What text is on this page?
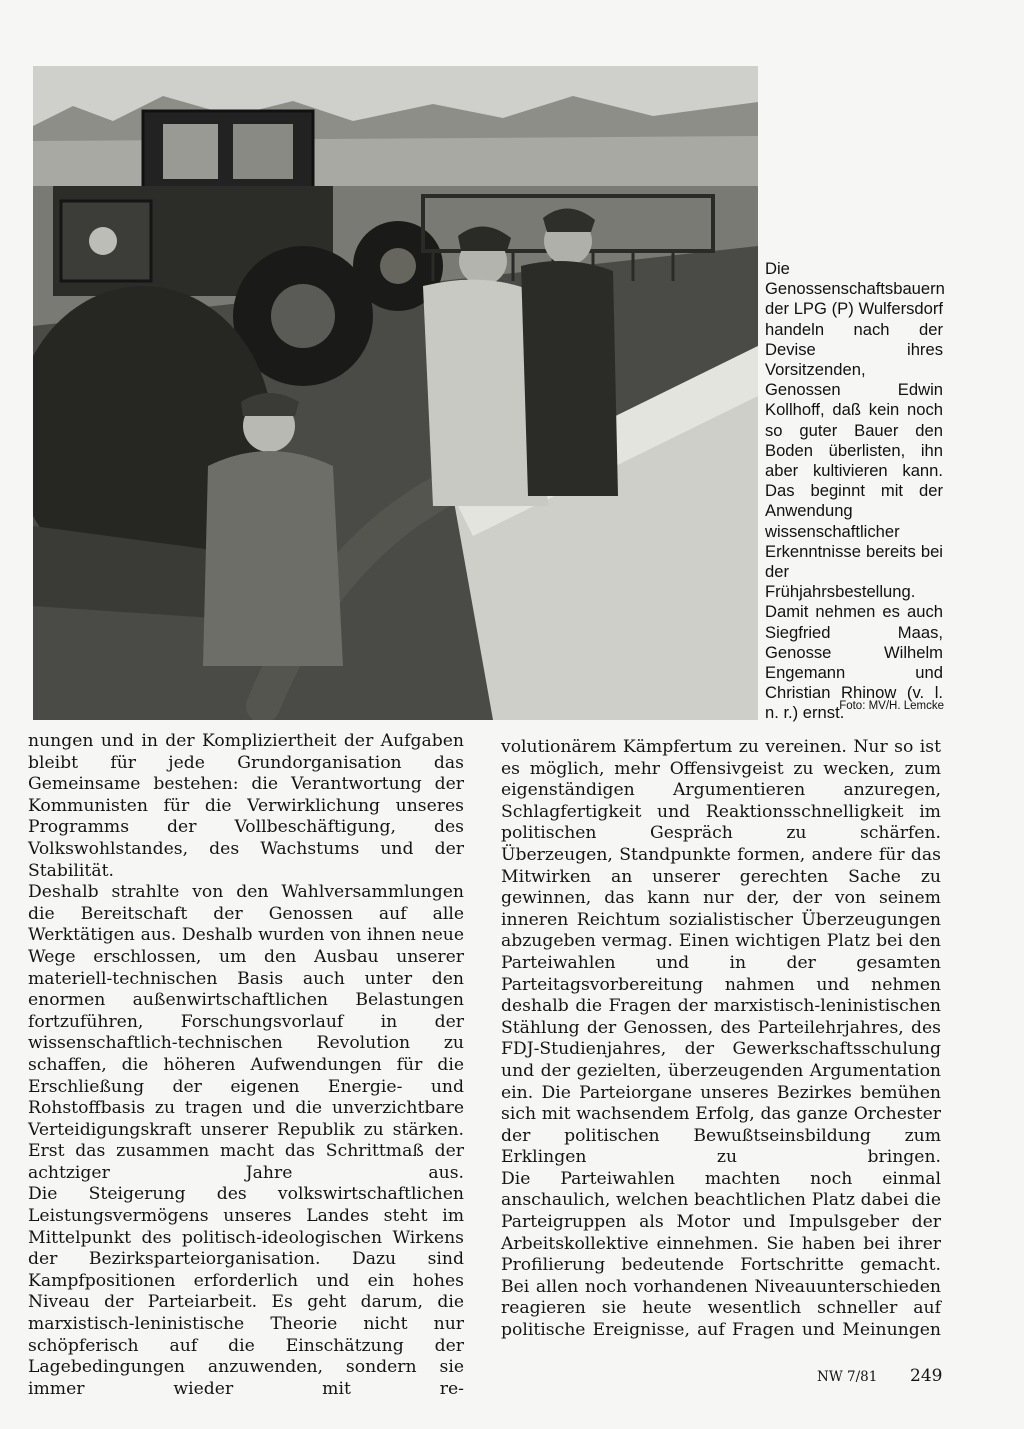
Die Genossenschaftsbauern der LPG (P) Wulfersdorf handeln nach der Devise ihres Vorsitzenden, Genossen Edwin Kollhoff, daß kein noch so guter Bauer den Boden überlisten, ihn aber kultivieren kann. Das beginnt mit der Anwendung wissenschaftlicher Erkenntnisse bereits bei der Frühjahrsbestellung. Damit nehmen es auch Siegfried Maas, Genosse Wilhelm Engemann und Christian Rhinow (v. l. n. r.) ernst.
Foto: MV/H. Lemcke

nungen und in der Kompliziertheit der Aufgaben bleibt für jede Grundorganisation das Gemeinsame bestehen: die Verantwortung der Kommunisten für die Verwirklichung unseres Programms der Vollbeschäftigung, des Volkswohlstandes, des Wachstums und der Stabilität.

Deshalb strahlte von den Wahlversammlungen die Bereitschaft der Genossen auf alle Werktätigen aus. Deshalb wurden von ihnen neue Wege erschlossen, um den Ausbau unserer materiell-technischen Basis auch unter den enormen außenwirtschaftlichen Belastungen fortzuführen, Forschungsvorlauf in der wissenschaftlich-technischen Revolution zu schaffen, die höheren Aufwendungen für die Erschließung der eigenen Energie- und Rohstoffbasis zu tragen und die unverzichtbare Verteidigungskraft unserer Republik zu stärken. Erst das zusammen macht das Schrittmaß der achtziger Jahre aus.

Die Steigerung des volkswirtschaftlichen Leistungsvermögens unseres Landes steht im Mittelpunkt des politisch-ideologischen Wirkens der Bezirksparteiorganisation. Dazu sind Kampfpositionen erforderlich und ein hohes Niveau der Parteiarbeit. Es geht darum, die marxistisch-leninistische Theorie nicht nur schöpferisch auf die Einschätzung der Lagebedingungen anzuwenden, sondern sie immer wieder mit re-

volutionärem Kämpfertum zu vereinen. Nur so ist es möglich, mehr Offensivgeist zu wecken, zum eigenständigen Argumentieren anzuregen, Schlagfertigkeit und Reaktionsschnelligkeit im politischen Gespräch zu schärfen.

Überzeugen, Standpunkte formen, andere für das Mitwirken an unserer gerechten Sache zu gewinnen, das kann nur der, der von seinem inneren Reichtum sozialistischer Überzeugungen abzugeben vermag. Einen wichtigen Platz bei den Parteiwahlen und in der gesamten Parteitagsvorbereitung nahmen und nehmen deshalb die Fragen der marxistisch-leninistischen Stählung der Genossen, des Parteilehrjahres, des FDJ-Studienjahres, der Gewerkschaftsschulung und der gezielten, überzeugenden Argumentation ein. Die Parteiorgane unseres Bezirkes bemühen sich mit wachsendem Erfolg, das ganze Orchester der politischen Bewußtseinsbildung zum Erklingen zu bringen.

Die Parteiwahlen machten noch einmal anschaulich, welchen beachtlichen Platz dabei die Parteigruppen als Motor und Impulsgeber der Arbeitskollektive einnehmen. Sie haben bei ihrer Profilierung bedeutende Fortschritte gemacht. Bei allen noch vorhandenen Niveauunterschieden reagieren sie heute wesentlich schneller auf politische Ereignisse, auf Fragen und Meinungen

NW 7/81 249
